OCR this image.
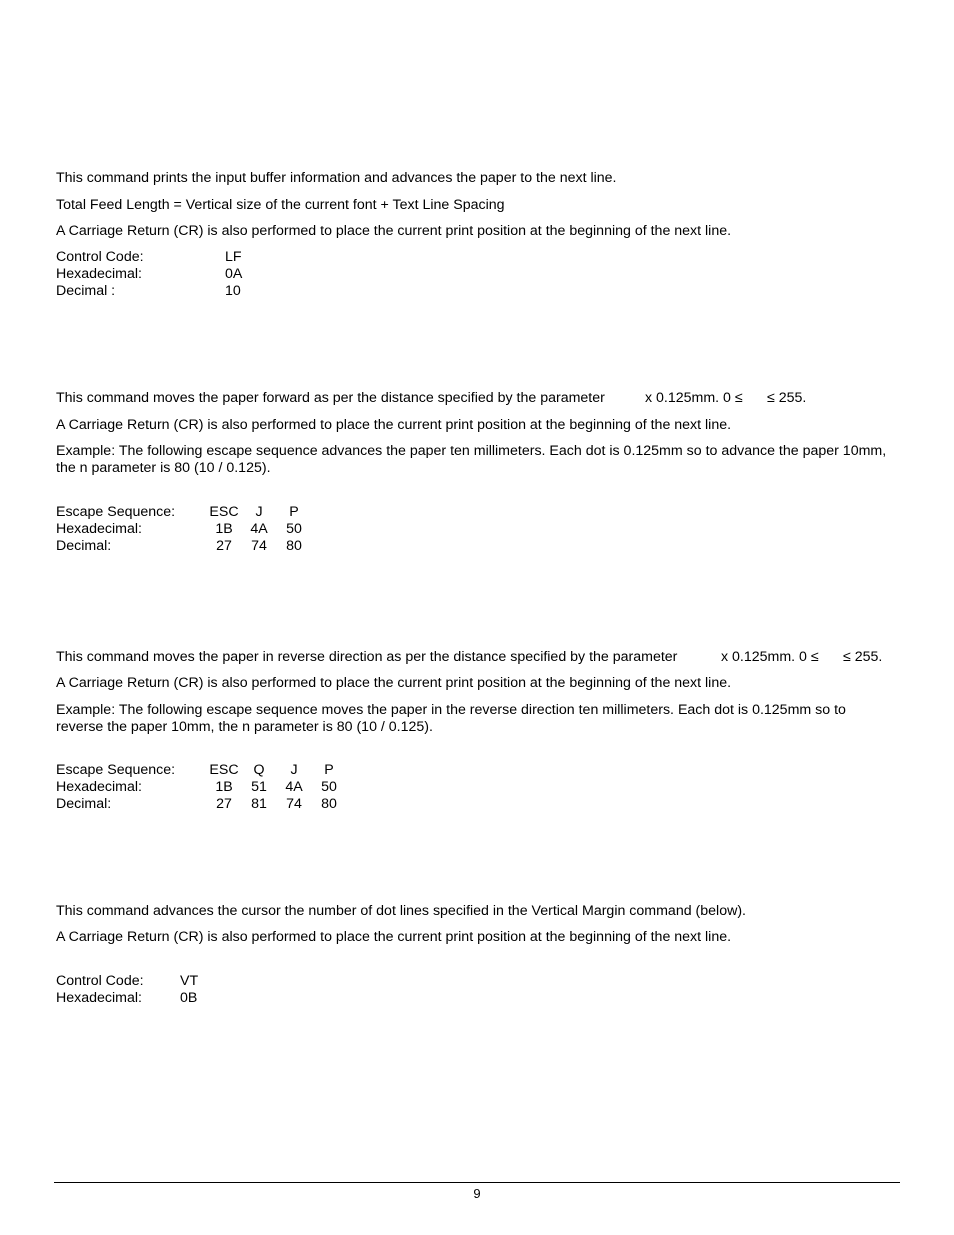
This command prints the input buffer information and advances the paper to the next line.

Total Feed Length = Vertical size of the current font + Text Line Spacing

A Carriage Return (CR) is also performed to place the current print position at the beginning of the next line.

Control Code:	LF
Hexadecimal:	0A
Decimal :	10
This command moves the paper forward as per the distance specified by the parameter	x 0.125mm. 0 ≤ ≤ 255.

A Carriage Return (CR) is also performed to place the current print position at the beginning of the next line.

Example: The following escape sequence advances the paper ten millimeters. Each dot is 0.125mm so to advance the paper 10mm, the n parameter is 80 (10 / 0.125).

Escape Sequence:	ESC	J	P
Hexadecimal:	1B	4A	50
Decimal:	27	74	80
This command moves the paper in reverse direction as per the distance specified by the parameter	x 0.125mm. 0 ≤ ≤ 255.

A Carriage Return (CR) is also performed to place the current print position at the beginning of the next line.

Example: The following escape sequence moves the paper in the reverse direction ten millimeters. Each dot is 0.125mm so to reverse the paper 10mm, the n parameter is 80 (10 / 0.125).

Escape Sequence:	ESC	Q	J	P
Hexadecimal:	1B	51	4A	50
Decimal:	27	81	74	80

This command advances the cursor the number of dot lines specified in the Vertical Margin command (below).

A Carriage Return (CR) is also performed to place the current print position at the beginning of the next line.

Control Code:	VT
Hexadecimal:	0B
9
